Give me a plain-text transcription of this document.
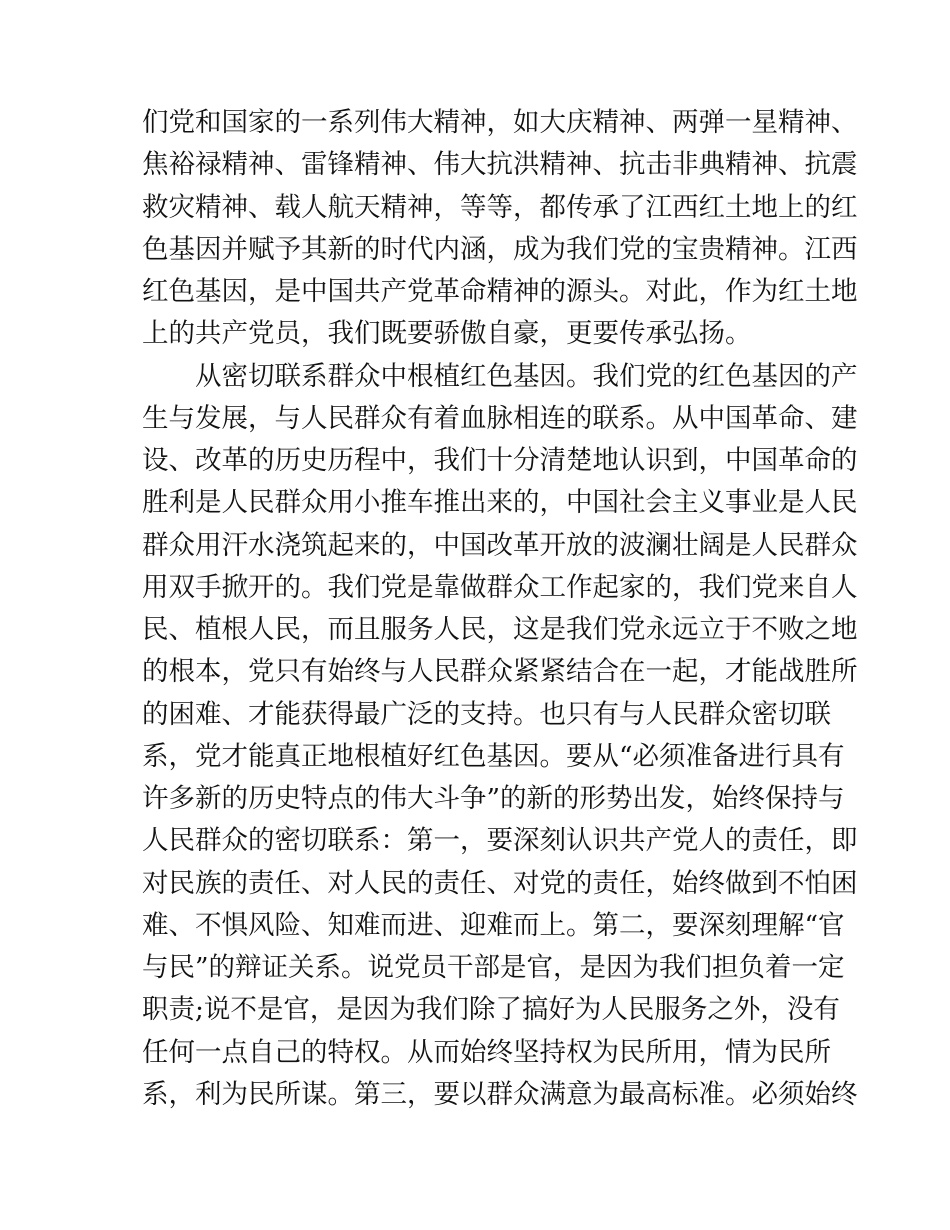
们党和国家的一系列伟大精神，如大庆精神、两弹一星精神、
焦裕禄精神、雷锋精神、伟大抗洪精神、抗击非典精神、抗震
救灾精神、载人航天精神，等等，都传承了江西红土地上的红
色基因并赋予其新的时代内涵，成为我们党的宝贵精神。江西
红色基因，是中国共产党革命精神的源头。对此，作为红土地
上的共产党员，我们既要骄傲自豪，更要传承弘扬。
从密切联系群众中根植红色基因。我们党的红色基因的产
生与发展，与人民群众有着血脉相连的联系。从中国革命、建
设、改革的历史历程中，我们十分清楚地认识到，中国革命的
胜利是人民群众用小推车推出来的，中国社会主义事业是人民
群众用汗水浇筑起来的，中国改革开放的波澜壮阔是人民群众
用双手掀开的。我们党是靠做群众工作起家的，我们党来自人
民、植根人民，而且服务人民，这是我们党永远立于不败之地
的根本，党只有始终与人民群众紧紧结合在一起，才能战胜所
的困难、才能获得最广泛的支持。也只有与人民群众密切联
系，党才能真正地根植好红色基因。要从“必须准备进行具有
许多新的历史特点的伟大斗争”的新的形势出发，始终保持与
人民群众的密切联系：第一，要深刻认识共产党人的责任，即
对民族的责任、对人民的责任、对党的责任，始终做到不怕困
难、不惧风险、知难而进、迎难而上。第二，要深刻理解“官
与民”的辩证关系。说党员干部是官，是因为我们担负着一定
职责;说不是官，是因为我们除了搞好为人民服务之外，没有
任何一点自己的特权。从而始终坚持权为民所用，情为民所
系，利为民所谋。第三，要以群众满意为最高标准。必须始终
